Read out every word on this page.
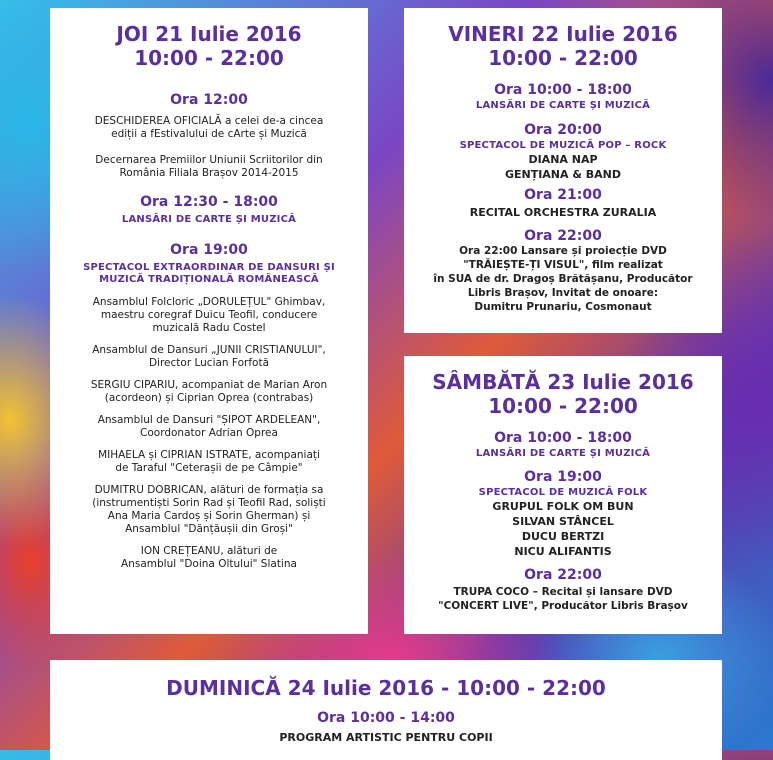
JOI 21 Iulie 2016
10:00 - 22:00
Ora 12:00
DESCHIDEREA OFICIALĂ a celei de-a cincea
ediții a fEstivalului de cArte și Muzică
Decernarea Premiilor Uniunii Scriitorilor din
România Filiala Brașov 2014-2015
Ora 12:30 - 18:00
LANSĂRI DE CARTE ȘI MUZICĂ
Ora 19:00
SPECTACOL EXTRAORDINAR DE DANSURI ȘI
MUZICĂ TRADIȚIONALĂ ROMÂNEASCĂ
Ansamblul Folcloric „DORULEȚUL" Ghimbav,
maestru coregraf Duicu Teofil, conducere
muzicală Radu Costel
Ansamblul de Dansuri „JUNII CRISTIANULUI",
Director Lucian Forfotă
SERGIU CIPARIU, acompaniat de Marian Aron
(acordeon) și Ciprian Oprea (contrabas)
Ansamblul de Dansuri "ȘIPOT ARDELEAN",
Coordonator Adrian Oprea
MIHAELA și CIPRIAN ISTRATE, acompaniați
de Taraful "Ceterașii de pe Câmpie"
DUMITRU DOBRICAN, alături de formația sa
(instrumentiști Sorin Rad și Teofil Rad, soliști
Ana Maria Cardoș și Sorin Gherman) și
Ansamblul "Dănțăușii din Groși"
ION CREȚEANU, alături de
Ansamblul "Doina Oltului" Slatina
VINERI 22 Iulie 2016
10:00 - 22:00
Ora 10:00 - 18:00
LANSĂRI DE CARTE ȘI MUZICĂ
Ora 20:00
SPECTACOL DE MUZICĂ POP – ROCK
DIANA NAP
GENȚIANA & BAND
Ora 21:00
RECITAL ORCHESTRA ZURALIA
Ora 22:00
Ora 22:00 Lansare și proiecție DVD
"TRĂIEȘTE-ȚI VISUL", film realizat
în SUA de dr. Dragoș Brătășanu, Producător
Libris Brașov, Invitat de onoare:
Dumitru Prunariu, Cosmonaut
SÂMBĂTĂ 23 Iulie 2016
10:00 - 22:00
Ora 10:00 - 18:00
LANSĂRI DE CARTE ȘI MUZICĂ
Ora 19:00
SPECTACOL DE MUZICĂ FOLK
GRUPUL FOLK OM BUN
SILVAN STÂNCEL
DUCU BERTZI
NICU ALIFANTIS
Ora 22:00
TRUPA COCO – Recital și lansare DVD
"CONCERT LIVE", Producător Libris Brașov
DUMINICĂ 24 Iulie 2016 - 10:00 - 22:00
Ora 10:00 - 14:00
PROGRAM ARTISTIC PENTRU COPII
